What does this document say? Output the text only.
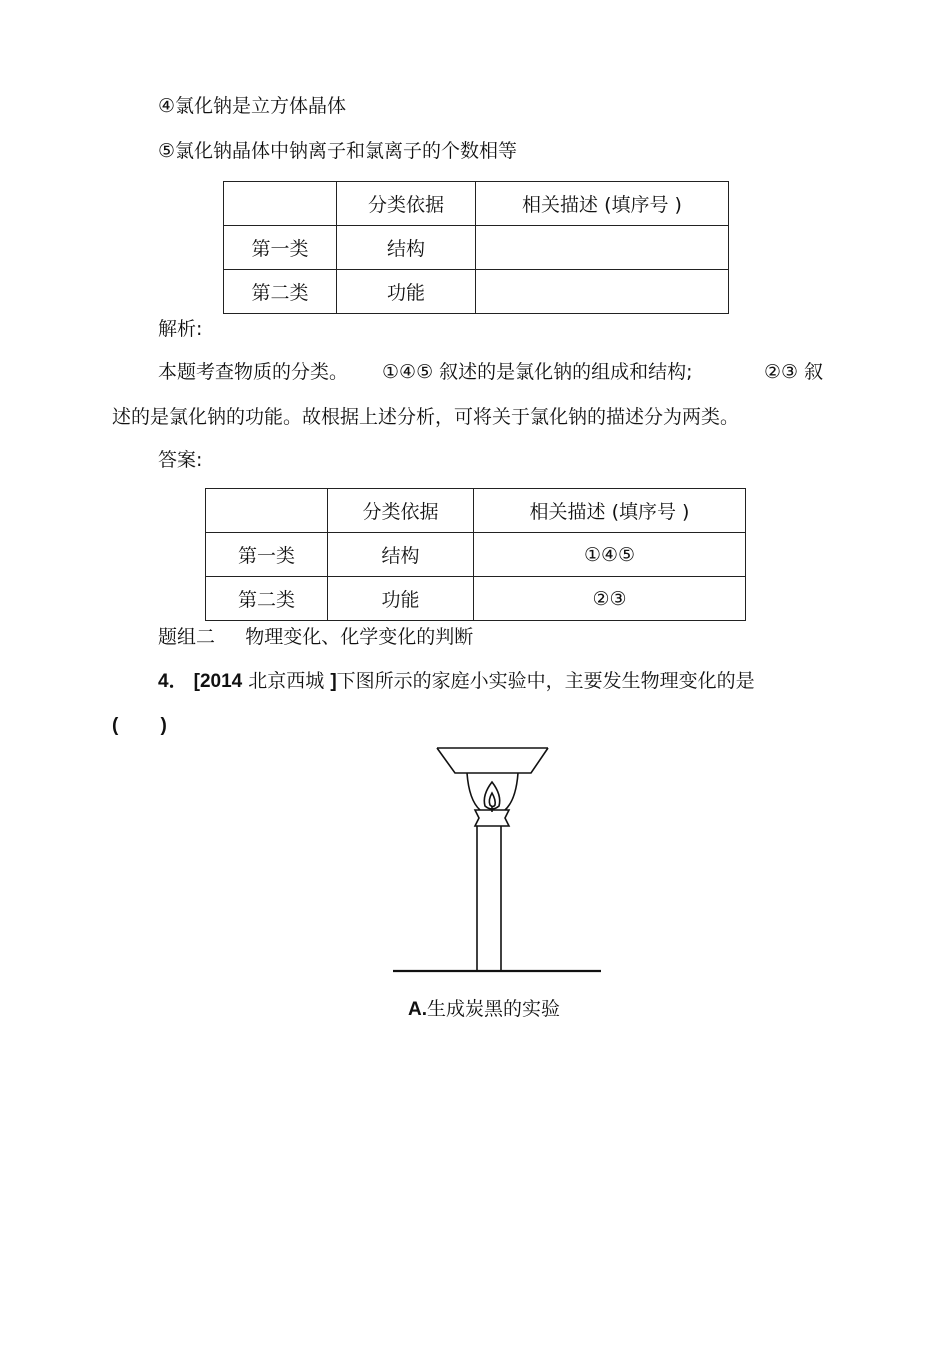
④氯化钠是立方体晶体
⑤氯化钠晶体中钠离子和氯离子的个数相等
	分类依据	相关描述 (填序号 )
第一类	结构	
第二类	功能	
解析:
本题考查物质的分类。 ①④⑤ 叙述的是氯化钠的组成和结构;	②③ 叙
述的是氯化钠的功能。故根据上述分析，可将关于氯化钠的描述分为两类。
答案:
	分类依据	相关描述 (填序号 )
第一类	结构	①④⑤
第二类	功能	②③
题组二     物理变化、化学变化的判断
4． [2014 北京西城 ]下图所示的家庭小实验中，主要发生物理变化的是
(        )
A.生成炭黑的实验
